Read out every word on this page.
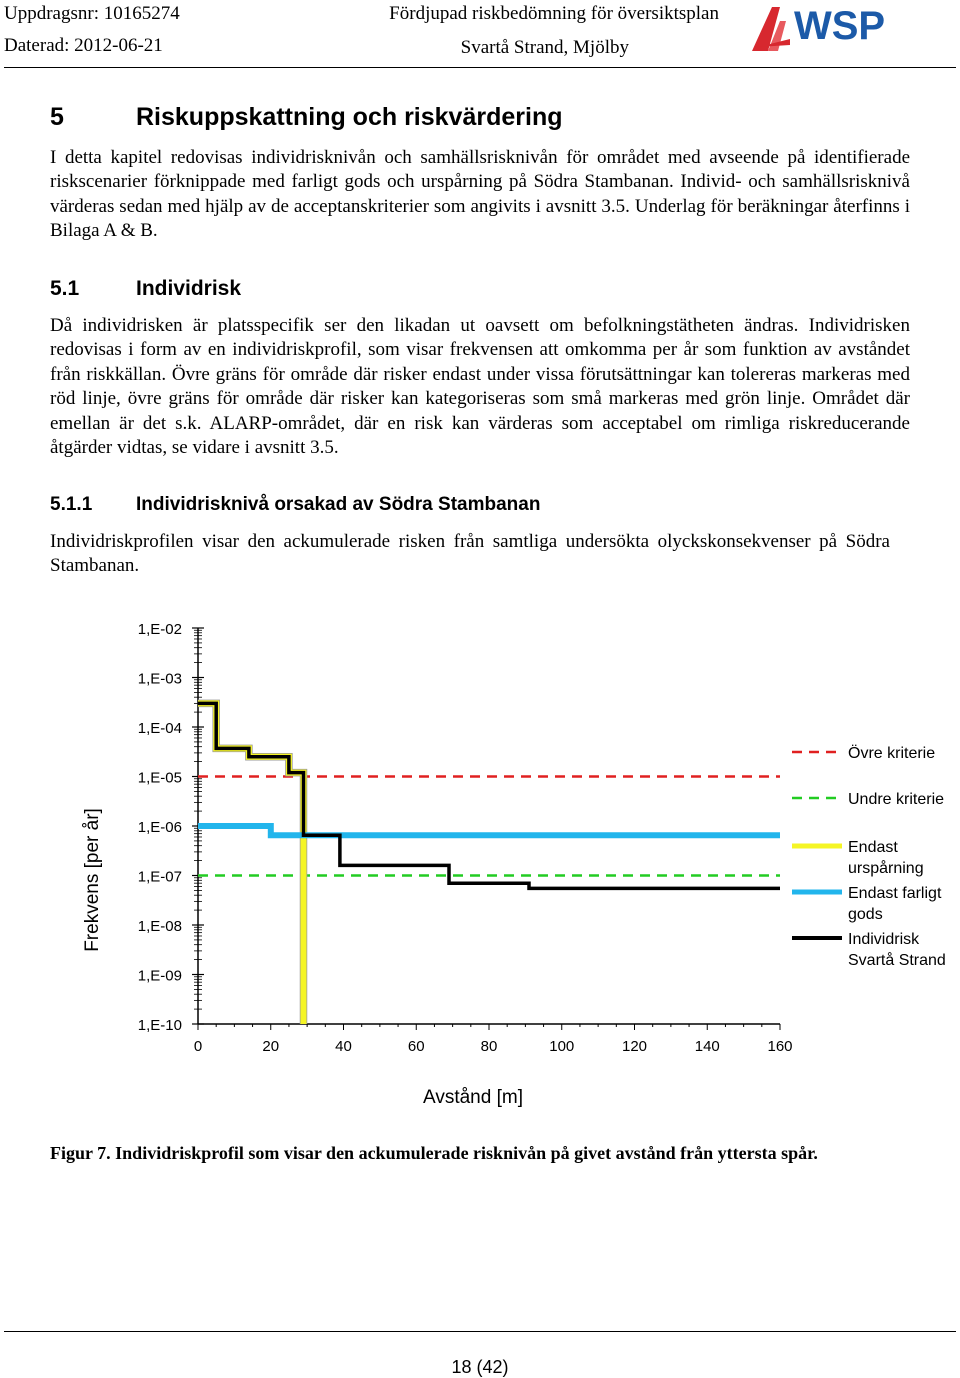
Uppdragsnr: 10165274
Daterad: 2012-06-21
Fördjupad riskbedömning för översiktsplan
Svartå Strand, Mjölby	WSP
5	Riskuppskattning och riskvärdering
I detta kapitel redovisas individrisknivån och samhällsrisknivån för området med avseende på identifierade riskscenarier förknippade med farligt gods och urspårning på Södra Stambanan. Individ- och samhällsrisknivå värderas sedan med hjälp av de acceptanskriterier som angivits i avsnitt 3.5. Underlag för beräkningar återfinns i Bilaga A & B.
5.1	Individrisk
Då individrisken är platsspecifik ser den likadan ut oavsett om befolkningstätheten ändras. Individrisken redovisas i form av en individriskprofil, som visar frekvensen att omkomma per år som funktion av avståndet från riskkällan. Övre gräns för område där risker endast under vissa förutsättningar kan tolereras markeras med röd linje, övre gräns för område där risker kan kategoriseras som små markeras med grön linje. Området där emellan är det s.k. ALARP-området, där en risk kan värderas som acceptabel om rimliga riskreducerande åtgärder vidtas, se vidare i avsnitt 3.5.
5.1.1 Individrisknivå orsakad av Södra Stambanan
Individriskprofilen visar den ackumulerade risken från samtliga undersökta olyckskonsekvenser på Södra Stambanan.
1,E-02
1,E-03
1,E-04
1,E-05
1,E-06
1,E-07
1,E-08
1,E-09
1,E-10
0	20	40	60	80	100	120	140	160
Avstånd [m]
Frekvens [per år]
Övre kriterie
Undre kriterie
Endast urspårning
Endast farligt gods
Individrisk Svartå Strand
Figur 7. Individriskprofil som visar den ackumulerade risknivån på givet avstånd från yttersta spår.
18 (42)
